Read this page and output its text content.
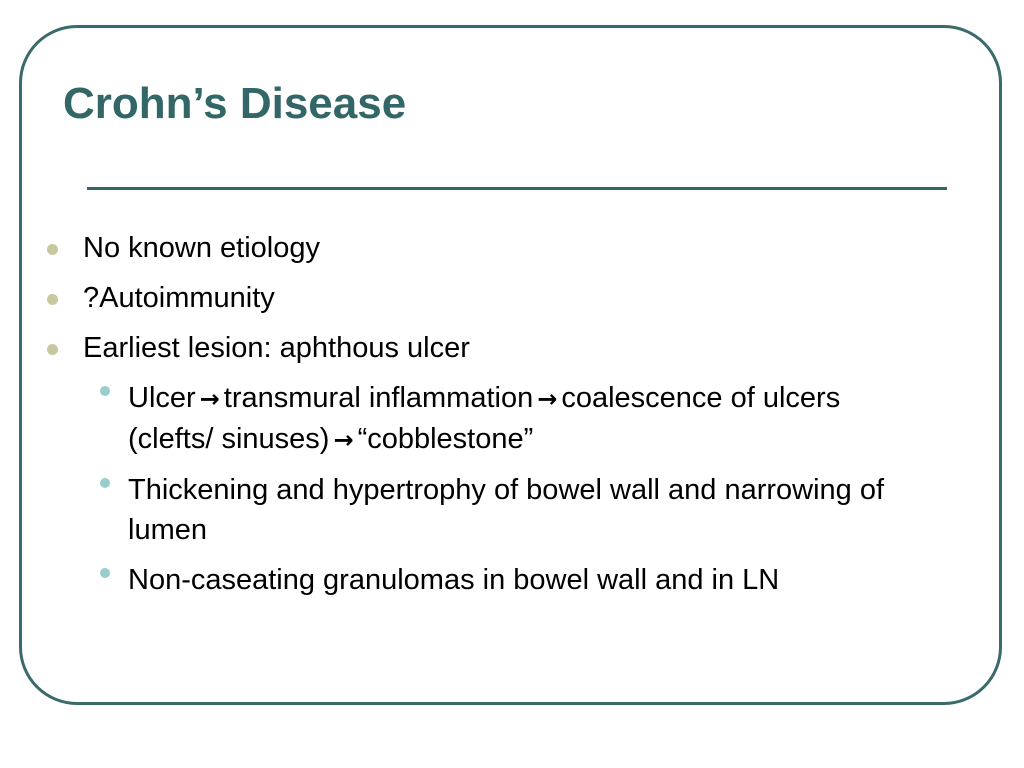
Crohn’s Disease
No known etiology
?Autoimmunity
Earliest lesion: aphthous ulcer
Ulcer → transmural inflammation → coalescence of ulcers (clefts/ sinuses) → “cobblestone”
Thickening and hypertrophy of bowel wall and narrowing of lumen
Non-caseating granulomas in bowel wall and in LN
